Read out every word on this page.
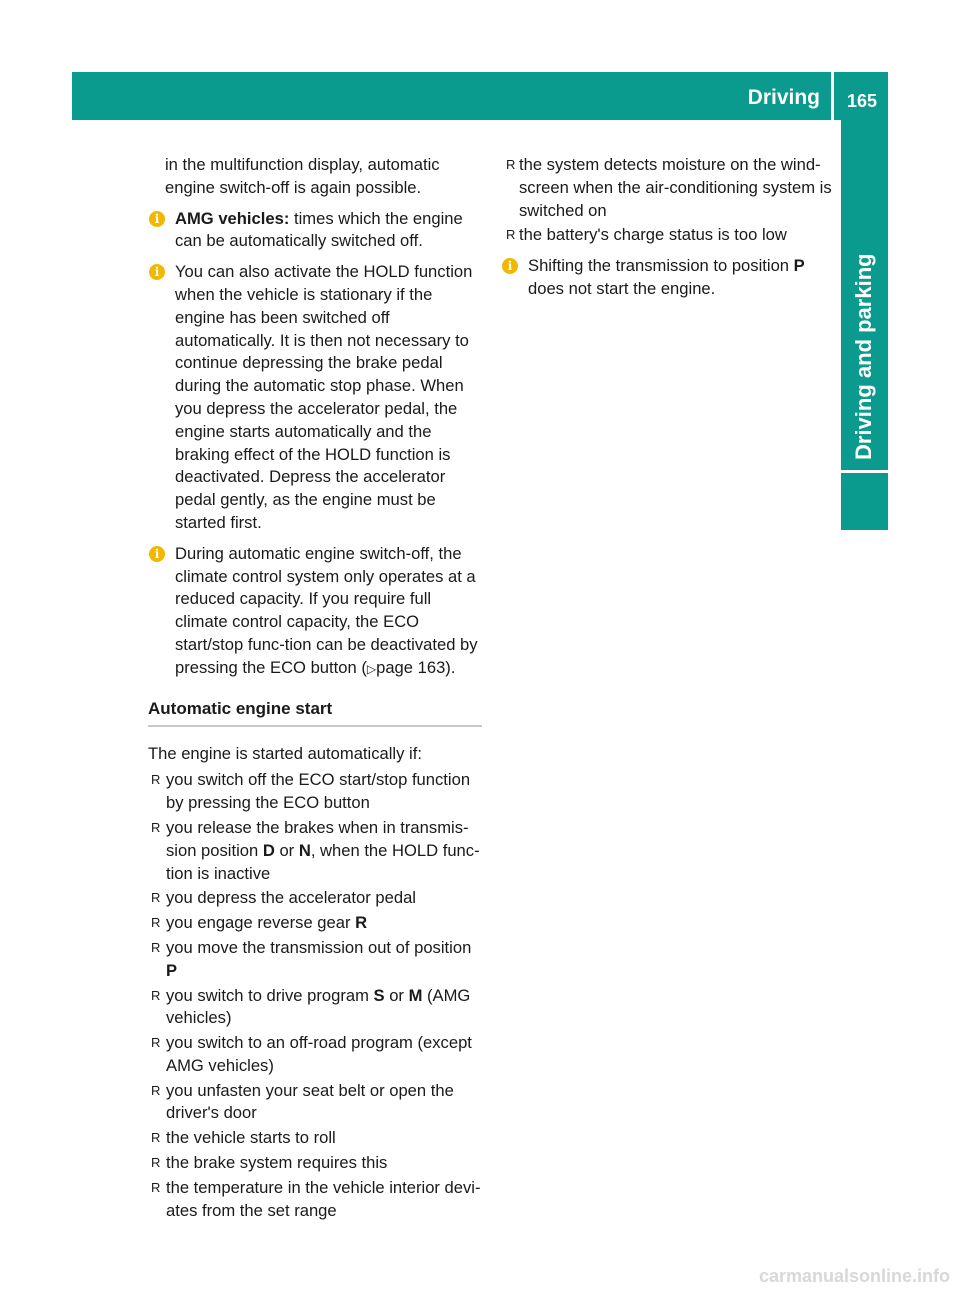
Driving	165
Driving and parking

in the multifunction display, automatic engine switch-off is again possible.

i AMG vehicles: times which the engine can be automatically switched off.
i You can also activate the HOLD function when the vehicle is stationary if the engine has been switched off automatically. It is then not necessary to continue depressing the brake pedal during the automatic stop phase. When you depress the accelerator pedal, the engine starts automatically and the braking effect of the HOLD function is deactivated. Depress the accelerator pedal gently, as the engine must be started first.
i During automatic engine switch-off, the climate control system only operates at a reduced capacity. If you require full climate control capacity, the ECO start/stop func-tion can be deactivated by pressing the ECO button (▷page 163).
Automatic engine start

The engine is started automatically if:

R you switch off the ECO start/stop function by pressing the ECO button
R you release the brakes when in transmis-sion position D or N, when the HOLD func-tion is inactive
R you depress the accelerator pedal
R you engage reverse gear R
R you move the transmission out of position P
R you switch to drive program S or M (AMG vehicles)
R you switch to an off-road program (except AMG vehicles)
R you unfasten your seat belt or open the driver's door
R the vehicle starts to roll
R the brake system requires this
R the temperature in the vehicle interior devi-ates from the set range
R the system detects moisture on the wind-screen when the air-conditioning system is switched on
R the battery's charge status is too low
i Shifting the transmission to position P does not start the engine.
carmanualsonline.info
